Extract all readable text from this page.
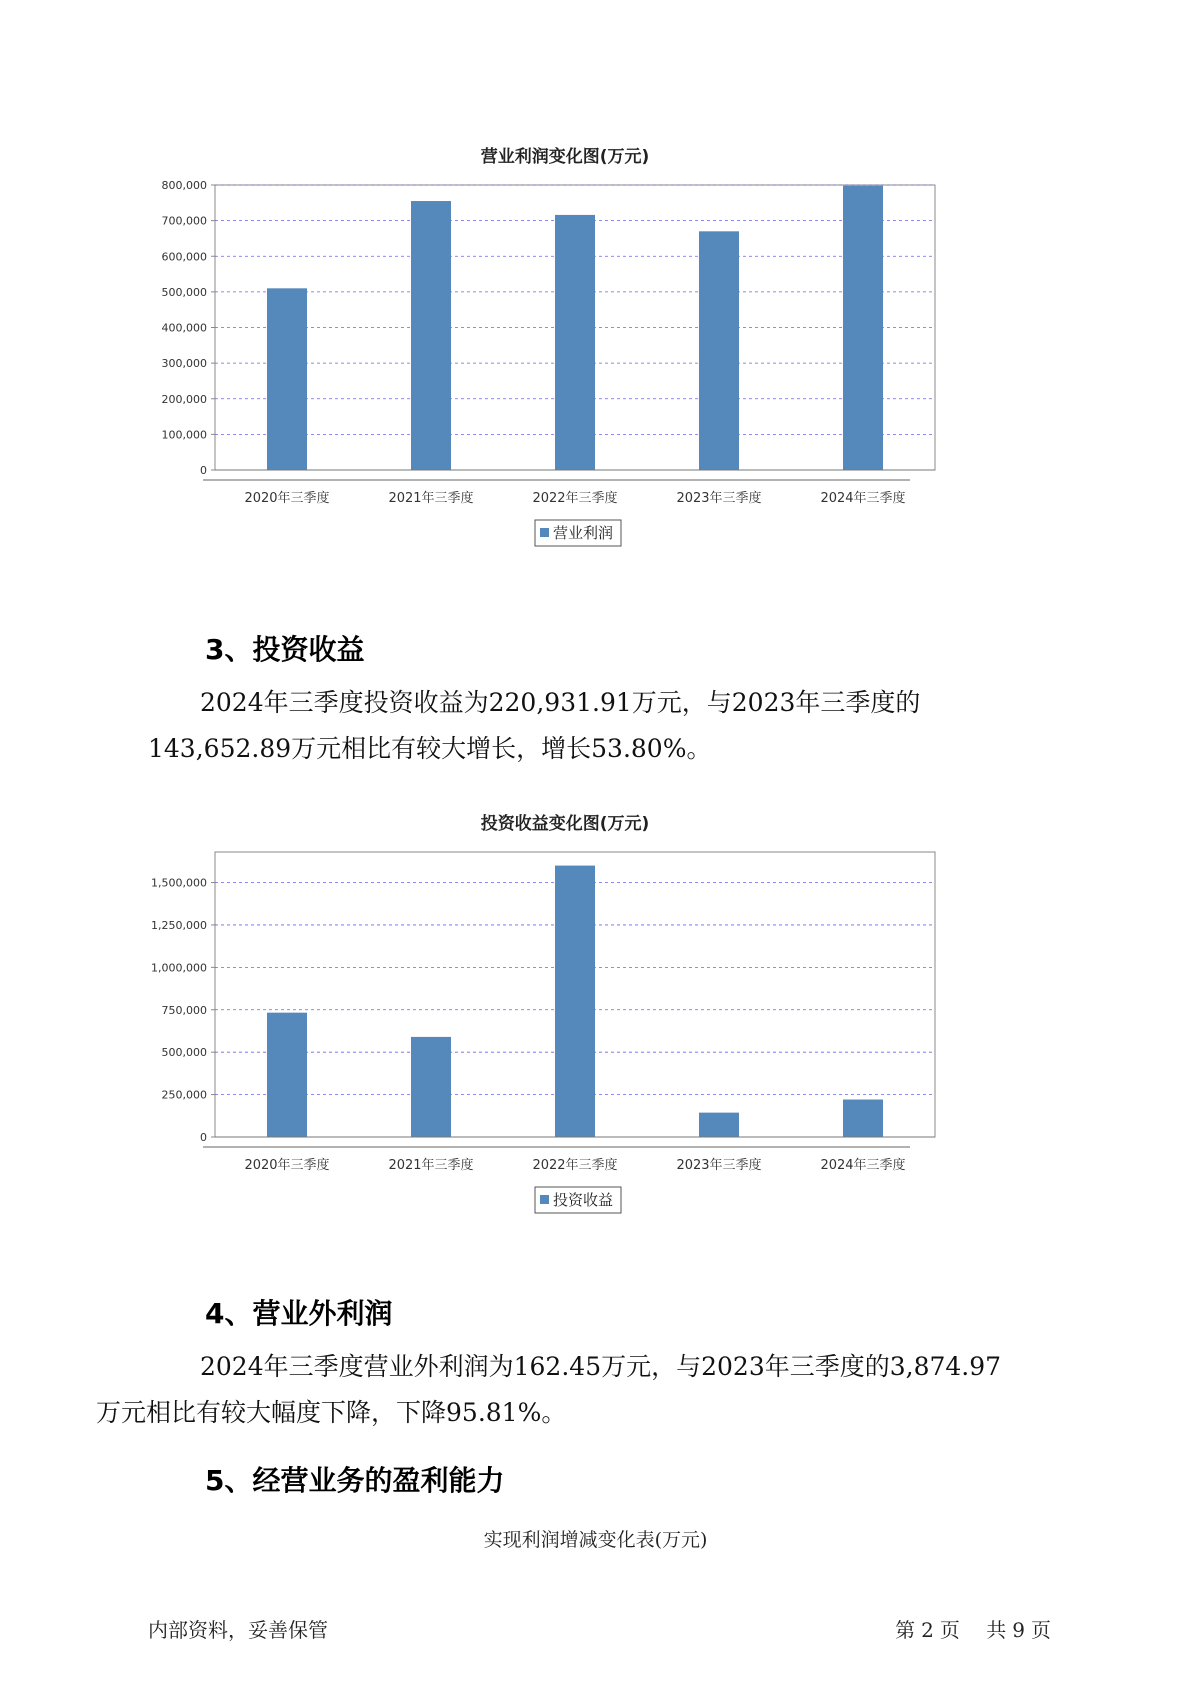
营业利润变化图(万元)
0
100,000
200,000
300,000
400,000
500,000
600,000
700,000
800,000
2020年三季度	2021年三季度	2022年三季度	2023年三季度	2024年三季度
营业利润
3、投资收益

2024年三季度投资收益为220,931.91万元，与2023年三季度的
143,652.89万元相比有较大增长，增长53.80%。

投资收益变化图(万元)
0
250,000
500,000
750,000
1,000,000
1,250,000
1,500,000
2020年三季度	2021年三季度	2022年三季度	2023年三季度	2024年三季度
投资收益
4、营业外利润

2024年三季度营业外利润为162.45万元，与2023年三季度的3,874.97
万元相比有较大幅度下降，下降95.81%。

5、经营业务的盈利能力
实现利润增减变化表(万元)
内部资料，妥善保管	第 2 页 共 9 页
